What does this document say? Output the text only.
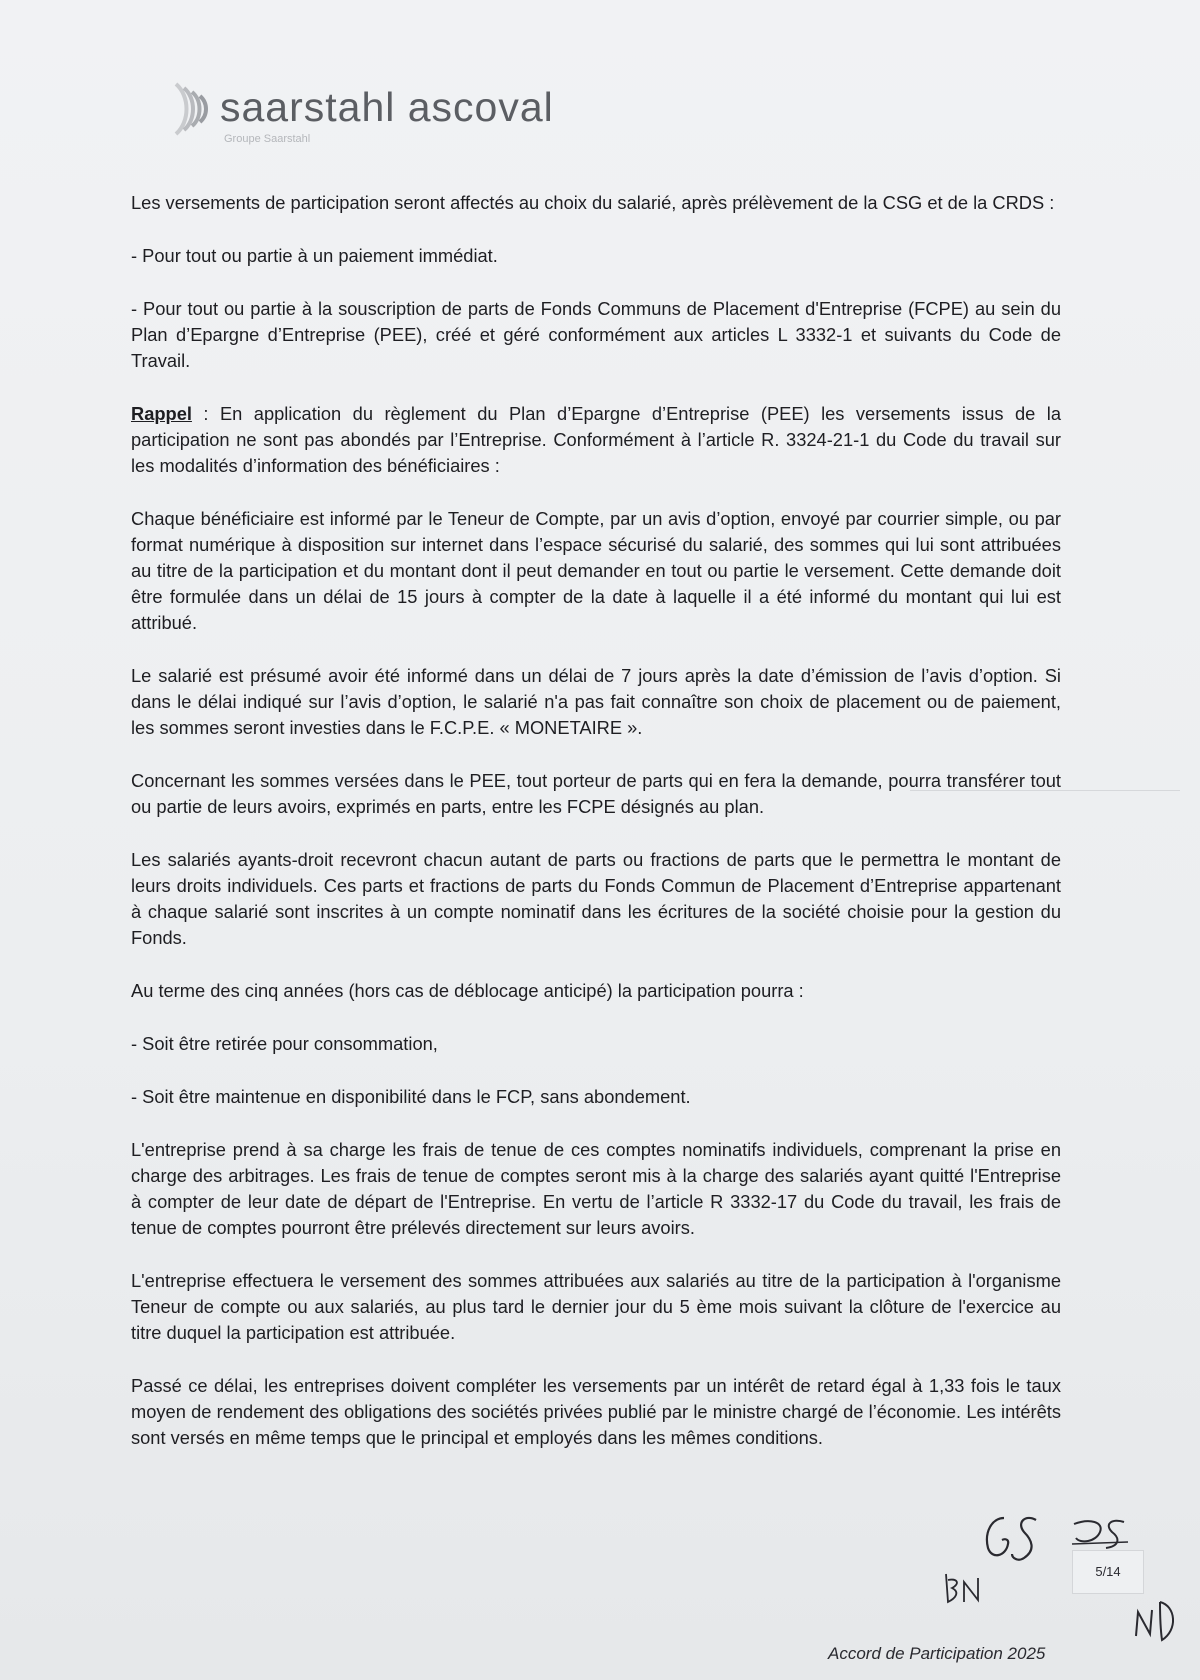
saarstahl ascoval
Groupe Saarstahl

Les versements de participation seront affectés au choix du salarié, après prélèvement de la CSG et de la CRDS :

- Pour tout ou partie à un paiement immédiat.

- Pour tout ou partie à la souscription de parts de Fonds Communs de Placement d'Entreprise (FCPE) au sein du Plan d’Epargne d’Entreprise (PEE), créé et géré conformément aux articles L 3332-1 et suivants du Code de Travail.

Rappel : En application du règlement du Plan d’Epargne d’Entreprise (PEE) les versements issus de la participation ne sont pas abondés par l’Entreprise. Conformément à l’article R. 3324-21-1 du Code du travail sur les modalités d’information des bénéficiaires :

Chaque bénéficiaire est informé par le Teneur de Compte, par un avis d’option, envoyé par courrier simple, ou par format numérique à disposition sur internet dans l’espace sécurisé du salarié, des sommes qui lui sont attribuées au titre de la participation et du montant dont il peut demander en tout ou partie le versement. Cette demande doit être formulée dans un délai de 15 jours à compter de la date à laquelle il a été informé du montant qui lui est attribué.

Le salarié est présumé avoir été informé dans un délai de 7 jours après la date d’émission de l’avis d’option. Si dans le délai indiqué sur l’avis d’option, le salarié n'a pas fait connaître son choix de placement ou de paiement, les sommes seront investies dans le F.C.P.E. « MONETAIRE ».

Concernant les sommes versées dans le PEE, tout porteur de parts qui en fera la demande, pourra transférer tout ou partie de leurs avoirs, exprimés en parts, entre les FCPE désignés au plan.

Les salariés ayants-droit recevront chacun autant de parts ou fractions de parts que le permettra le montant de leurs droits individuels. Ces parts et fractions de parts du Fonds Commun de Placement d’Entreprise appartenant à chaque salarié sont inscrites à un compte nominatif dans les écritures de la société choisie pour la gestion du Fonds.

Au terme des cinq années (hors cas de déblocage anticipé) la participation pourra :

- Soit être retirée pour consommation,

- Soit être maintenue en disponibilité dans le FCP, sans abondement.

L'entreprise prend à sa charge les frais de tenue de ces comptes nominatifs individuels, comprenant la prise en charge des arbitrages. Les frais de tenue de comptes seront mis à la charge des salariés ayant quitté l'Entreprise à compter de leur date de départ de l'Entreprise. En vertu de l’article R 3332-17 du Code du travail, les frais de tenue de comptes pourront être prélevés directement sur leurs avoirs.

L'entreprise effectuera le versement des sommes attribuées aux salariés au titre de la participation à l'organisme Teneur de compte ou aux salariés, au plus tard le dernier jour du 5 ème mois suivant la clôture de l'exercice au titre duquel la participation est attribuée.

Passé ce délai, les entreprises doivent compléter les versements par un intérêt de retard égal à 1,33 fois le taux moyen de rendement des obligations des sociétés privées publié par le ministre chargé de l’économie. Les intérêts sont versés en même temps que le principal et employés dans les mêmes conditions.

5/14
Accord de Participation 2025
